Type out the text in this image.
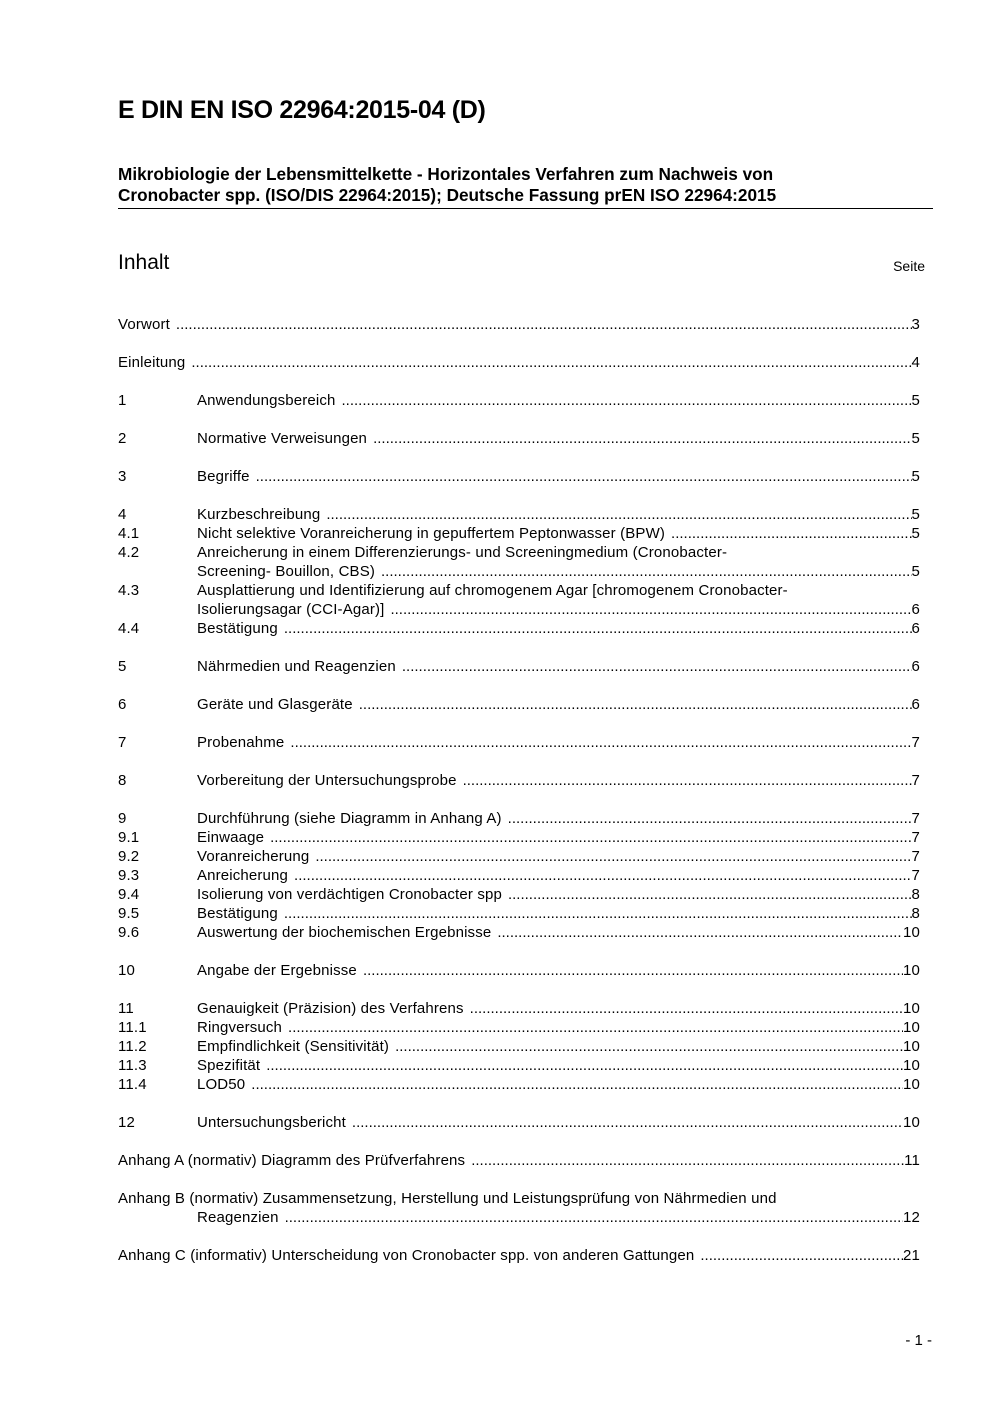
E DIN EN ISO 22964:2015-04 (D)
Mikrobiologie der Lebensmittelkette - Horizontales Verfahren zum Nachweis von
Cronobacter spp. (ISO/DIS 22964:2015); Deutsche Fassung prEN ISO 22964:2015
Inhalt	Seite
Vorwort .....	3
Einleitung .....	4
1	Anwendungsbereich .....	5
2	Normative Verweisungen .....	5
3	Begriffe .....	5
4	Kurzbeschreibung .....	5
4.1	Nicht selektive Voranreicherung in gepuffertem Peptonwasser (BPW) .....	5
4.2	Anreicherung in einem Differenzierungs- und Screeningmedium (Cronobacter-
Screening- Bouillon, CBS) .....	5
4.3	Ausplattierung und Identifizierung auf chromogenem Agar [chromogenem Cronobacter-
Isolierungsagar (CCI-Agar)] .....	6
4.4	Bestätigung .....	6
5	Nährmedien und Reagenzien .....	6
6	Geräte und Glasgeräte .....	6
7	Probenahme .....	7
8	Vorbereitung der Untersuchungsprobe .....	7
9	Durchführung (siehe Diagramm in Anhang A) .....	7
9.1	Einwaage .....	7
9.2	Voranreicherung .....	7
9.3	Anreicherung .....	7
9.4	Isolierung von verdächtigen Cronobacter spp .....	8
9.5	Bestätigung .....	8
9.6	Auswertung der biochemischen Ergebnisse .....	10
10	Angabe der Ergebnisse .....	10
11	Genauigkeit (Präzision) des Verfahrens .....	10
11.1	Ringversuch .....	10
11.2	Empfindlichkeit (Sensitivität) .....	10
11.3	Spezifität .....	10
11.4	LOD50 .....	10
12	Untersuchungsbericht .....	10
Anhang A (normativ) Diagramm des Prüfverfahrens .....	11
Anhang B (normativ) Zusammensetzung, Herstellung und Leistungsprüfung von Nährmedien und
Reagenzien .....	12
Anhang C (informativ) Unterscheidung von Cronobacter spp. von anderen Gattungen .....	21
- 1 -
